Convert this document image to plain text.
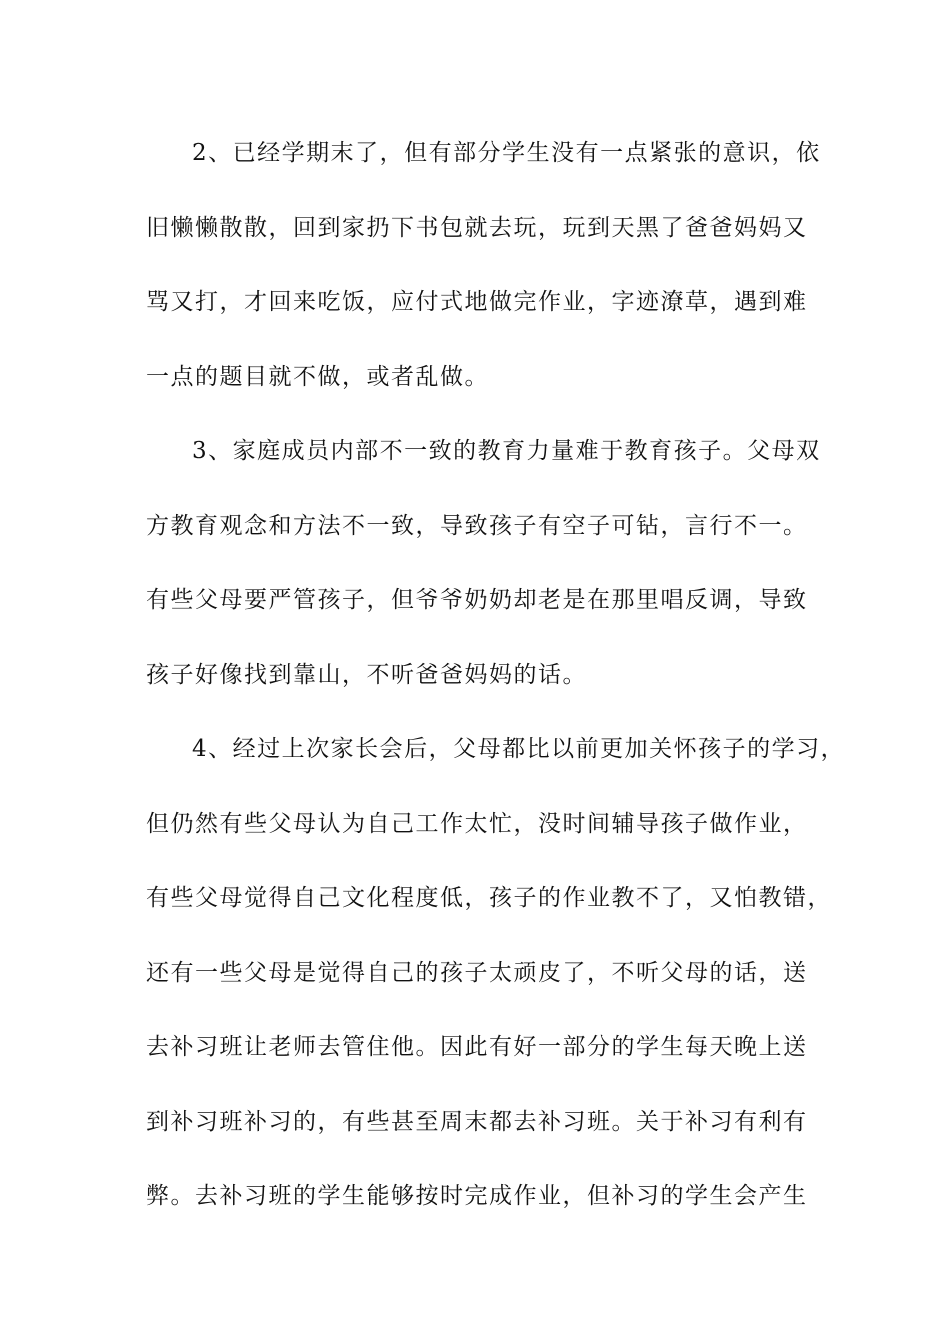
2、已经学期末了，但有部分学生没有一点紧张的意识，依
旧懒懒散散，回到家扔下书包就去玩，玩到天黑了爸爸妈妈又
骂又打，才回来吃饭，应付式地做完作业，字迹潦草，遇到难
一点的题目就不做，或者乱做。
3、家庭成员内部不一致的教育力量难于教育孩子。父母双
方教育观念和方法不一致，导致孩子有空子可钻，言行不一。
有些父母要严管孩子，但爷爷奶奶却老是在那里唱反调，导致
孩子好像找到靠山，不听爸爸妈妈的话。
4、经过上次家长会后，父母都比以前更加关怀孩子的学习，
但仍然有些父母认为自己工作太忙，没时间辅导孩子做作业，
有些父母觉得自己文化程度低，孩子的作业教不了，又怕教错，
还有一些父母是觉得自己的孩子太顽皮了，不听父母的话，送
去补习班让老师去管住他。因此有好一部分的学生每天晚上送
到补习班补习的，有些甚至周末都去补习班。关于补习有利有
弊。去补习班的学生能够按时完成作业，但补习的学生会产生
